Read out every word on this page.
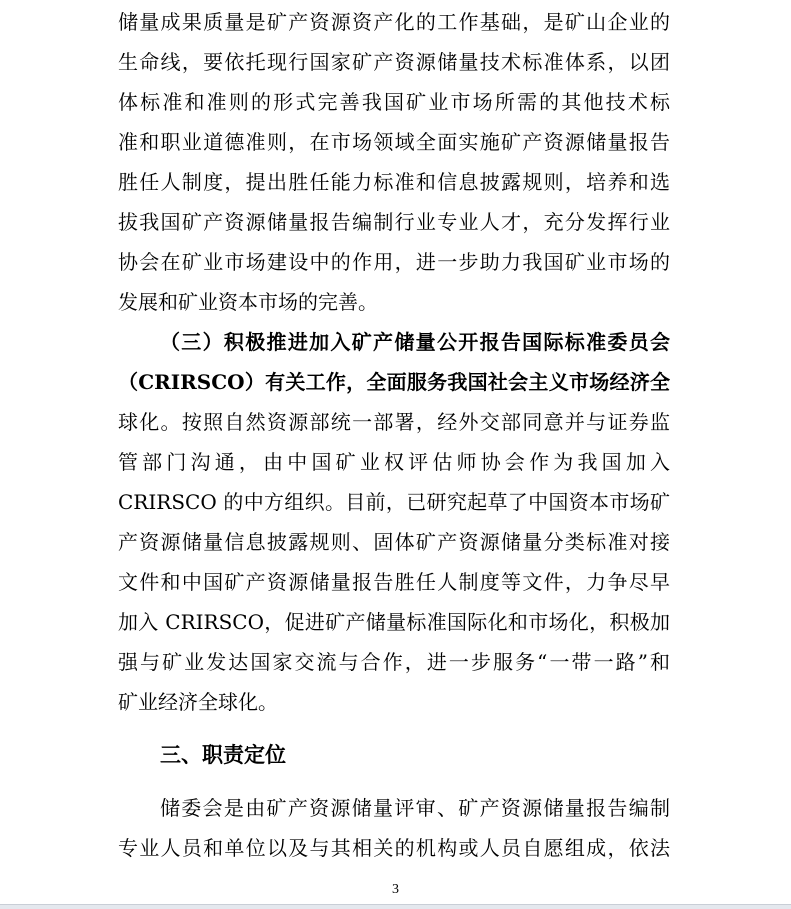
储量成果质量是矿产资源资产化的工作基础，是矿山企业的
生命线，要依托现行国家矿产资源储量技术标准体系，以团
体标准和准则的形式完善我国矿业市场所需的其他技术标
准和职业道德准则，在市场领域全面实施矿产资源储量报告
胜任人制度，提出胜任能力标准和信息披露规则，培养和选
拔我国矿产资源储量报告编制行业专业人才，充分发挥行业
协会在矿业市场建设中的作用，进一步助力我国矿业市场的
发展和矿业资本市场的完善。
（三）积极推进加入矿产储量公开报告国际标准委员会
（CRIRSCO）有关工作，全面服务我国社会主义市场经济全
球化。按照自然资源部统一部署，经外交部同意并与证券监
管部门沟通，由中国矿业权评估师协会作为我国加入
CRIRSCO 的中方组织。目前，已研究起草了中国资本市场矿
产资源储量信息披露规则、固体矿产资源储量分类标准对接
文件和中国矿产资源储量报告胜任人制度等文件，力争尽早
加入 CRIRSCO，促进矿产储量标准国际化和市场化，积极加
强与矿业发达国家交流与合作，进一步服务“一带一路”和
矿业经济全球化。
三、职责定位
储委会是由矿产资源储量评审、矿产资源储量报告编制
专业人员和单位以及与其相关的机构或人员自愿组成，依法
3
